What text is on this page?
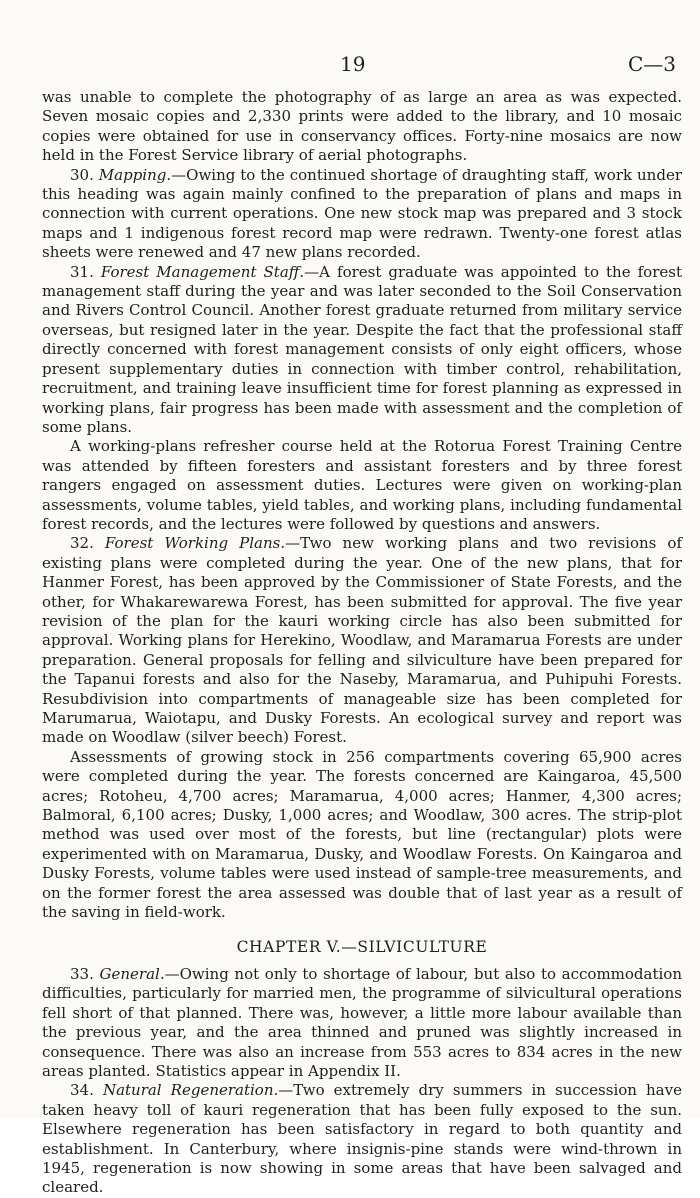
19	C—3

was unable to complete the photography of as large an area as was expected. Seven mosaic copies and 2,330 prints were added to the library, and 10 mosaic copies were obtained for use in conservancy offices. Forty-nine mosaics are now held in the Forest Service library of aerial photographs.

30. Mapping.—Owing to the continued shortage of draughting staff, work under this heading was again mainly confined to the preparation of plans and maps in connection with current operations. One new stock map was prepared and 3 stock maps and 1 indigenous forest record map were redrawn. Twenty-one forest atlas sheets were renewed and 47 new plans recorded.

31. Forest Management Staff.—A forest graduate was appointed to the forest management staff during the year and was later seconded to the Soil Conservation and Rivers Control Council. Another forest graduate returned from military service overseas, but resigned later in the year. Despite the fact that the professional staff directly concerned with forest management consists of only eight officers, whose present supplementary duties in connection with timber control, rehabilitation, recruitment, and training leave insufficient time for forest planning as expressed in working plans, fair progress has been made with assessment and the completion of some plans.

A working-plans refresher course held at the Rotorua Forest Training Centre was attended by fifteen foresters and assistant foresters and by three forest rangers engaged on assessment duties. Lectures were given on working-plan assessments, volume tables, yield tables, and working plans, including fundamental forest records, and the lectures were followed by questions and answers.

32. Forest Working Plans.—Two new working plans and two revisions of existing plans were completed during the year. One of the new plans, that for Hanmer Forest, has been approved by the Commissioner of State Forests, and the other, for Whakarewarewa Forest, has been submitted for approval. The five year revision of the plan for the kauri working circle has also been submitted for approval. Working plans for Herekino, Woodlaw, and Maramarua Forests are under preparation. General proposals for felling and silviculture have been prepared for the Tapanui forests and also for the Naseby, Maramarua, and Puhipuhi Forests. Resubdivision into compartments of manageable size has been completed for Marumarua, Waiotapu, and Dusky Forests. An ecological survey and report was made on Woodlaw (silver beech) Forest.

Assessments of growing stock in 256 compartments covering 65,900 acres were completed during the year. The forests concerned are Kaingaroa, 45,500 acres; Rotoheu, 4,700 acres; Maramarua, 4,000 acres; Hanmer, 4,300 acres; Balmoral, 6,100 acres; Dusky, 1,000 acres; and Woodlaw, 300 acres. The strip-plot method was used over most of the forests, but line (rectangular) plots were experimented with on Maramarua, Dusky, and Woodlaw Forests. On Kaingaroa and Dusky Forests, volume tables were used instead of sample-tree measurements, and on the former forest the area assessed was double that of last year as a result of the saving in field-work.

CHAPTER V.—SILVICULTURE

33. General.—Owing not only to shortage of labour, but also to accommodation difficulties, particularly for married men, the programme of silvicultural operations fell short of that planned. There was, however, a little more labour available than the previous year, and the area thinned and pruned was slightly increased in consequence. There was also an increase from 553 acres to 834 acres in the new areas planted. Statistics appear in Appendix II.

34. Natural Regeneration.—Two extremely dry summers in succession have taken heavy toll of kauri regeneration that has been fully exposed to the sun. Elsewhere regeneration has been satisfactory in regard to both quantity and establishment. In Canterbury, where insignis-pine stands were wind-thrown in 1945, regeneration is now showing in some areas that have been salvaged and cleared.
